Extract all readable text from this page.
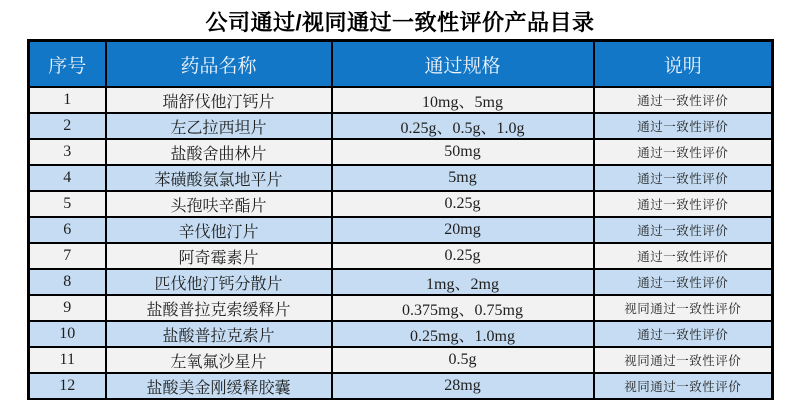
公司通过/视同通过一致性评价产品目录
序号	药品名称	通过规格	说明
1	瑞舒伐他汀钙片	10mg、5mg	通过一致性评价
2	左乙拉西坦片	0.25g、0.5g、1.0g	通过一致性评价
3	盐酸舍曲林片	50mg	通过一致性评价
4	苯磺酸氨氯地平片	5mg	通过一致性评价
5	头孢呋辛酯片	0.25g	通过一致性评价
6	辛伐他汀片	20mg	通过一致性评价
7	阿奇霉素片	0.25g	通过一致性评价
8	匹伐他汀钙分散片	1mg、2mg	通过一致性评价
9	盐酸普拉克索缓释片	0.375mg、0.75mg	视同通过一致性评价
10	盐酸普拉克索片	0.25mg、1.0mg	通过一致性评价
11	左氧氟沙星片	0.5g	视同通过一致性评价
12	盐酸美金刚缓释胶囊	28mg	视同通过一致性评价
